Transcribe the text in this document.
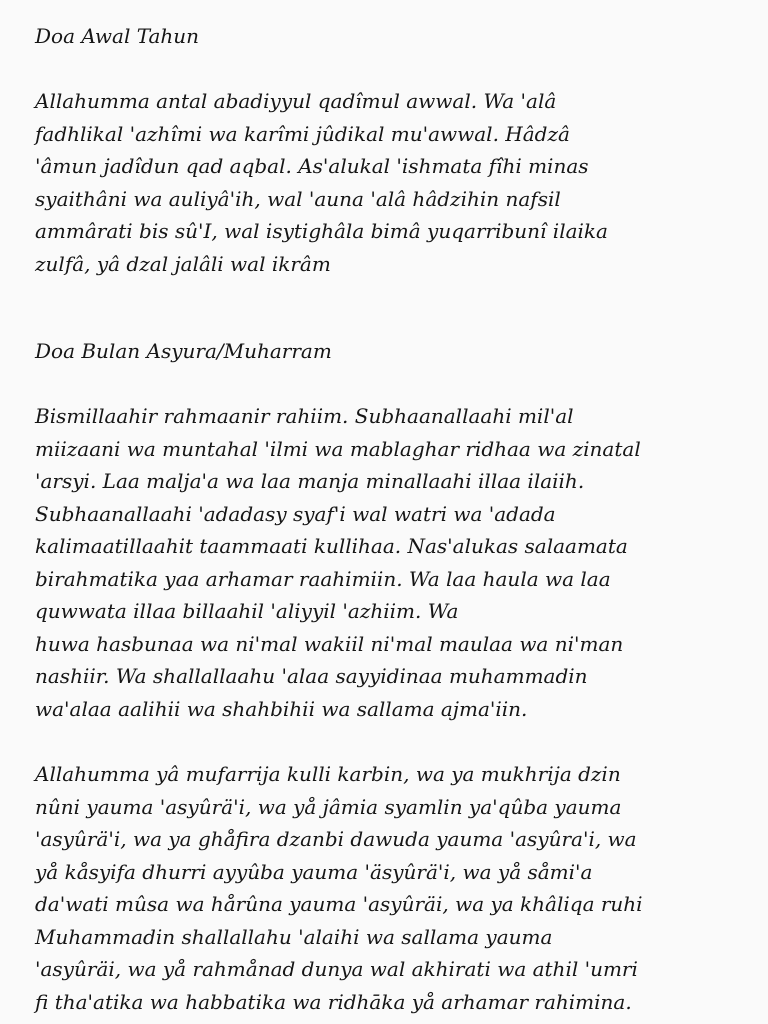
Doa Awal Tahun

Allahumma antal abadiyyul qadîmul awwal. Wa 'alâ
fadhlikal 'azhîmi wa karîmi jûdikal mu'awwal. Hâdzâ
'âmun jadîdun qad aqbal. As'alukal 'ishmata fîhi minas
syaithâni wa auliyâ'ih, wal 'auna 'alâ hâdzihin nafsil
ammârati bis sû'I, wal isytighâla bimâ yuqarribunî ilaika
zulfâ, yâ dzal jalâli wal ikrâm

Doa Bulan Asyura/Muharram

Bismillaahir rahmaanir rahiim. Subhaanallaahi mil'al
miizaani wa muntahal 'ilmi wa mablaghar ridhaa wa zinatal
'arsyi. Laa malja'a wa laa manja minallaahi illaa ilaiih.
Subhaanallaahi 'adadasy syaf'i wal watri wa 'adada
kalimaatillaahit taammaati kullihaa. Nas'alukas salaamata
birahmatika yaa arhamar raahimiin. Wa laa haula wa laa
quwwata illaa billaahil 'aliyyil 'azhiim. Wa
huwa hasbunaa wa ni'mal wakiil ni'mal maulaa wa ni'man
nashiir. Wa shallallaahu 'alaa sayyidinaa muhammadin
wa'alaa aalihii wa shahbihii wa sallama ajma'iin.

Allahumma yâ mufarrija kulli karbin, wa ya mukhrija dzin
nûni yauma 'asyûrä'i, wa yå jâmia syamlin ya'qûba yauma
'asyûrä'i, wa ya ghåfira dzanbi dawuda yauma 'asyûra'i, wa
yå kåsyifa dhurri ayyûba yauma 'äsyûrä'i, wa yå såmi'a
da'wati mûsa wa hårûna yauma 'asyûräi, wa ya khâliqa ruhi
Muhammadin shallallahu 'alaihi wa sallama yauma
'asyûräi, wa yå rahmånad dunya wal akhirati wa athil 'umri
fi tha'atika wa habbatika wa ridhāka yå arhamar rahimina.
